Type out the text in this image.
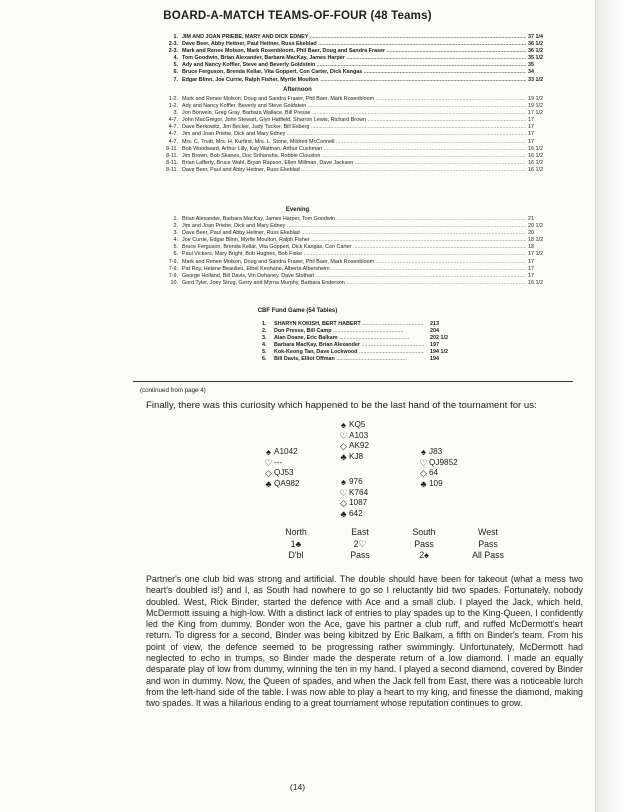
BOARD-A-MATCH TEAMS-OF-FOUR (48 Teams)
1. JIM AND JOAN PRIEBE, MARY AND DICK EDNEY .....	37 1/4
2-3. Dave Beer, Abby Heitner, Paul Heitner, Russ Ekeblad .....	36 1/2
2-3. Mark and Renee Molson, Mark Rosenbloom, Phil Baer, Doug and Sandra Fraser .....	36 1/2
4. Tom Goodwin, Brian Alexander, Barbara MacKay, James Harper .....	35 1/2
5. Ady and Nancy Koffler, Steve and Beverly Goldstein .....	35
6. Bruce Ferguson, Brenda Kellar, Vita Goppert, Con Carter, Dick Kangas .....	34
7. Edgar Blinn, Joe Currie, Ralph Fisher, Myrtle Moulton .....	33 1/2
Afternoon
1-2. Mark and Renee Molson, Doug and Sandra Fraser, Phil Baer, Mark Rosenbloom .....	19 1/2
1-2. Ady and Nancy Koffler, Beverly and Steve Goldstein .....	19 1/2
3. Jon Borwein, Greg Gray, Barbara Wallace, Bill Presse .....	17 1/2
4-7. John MacGregor, John Stewart, Glyn Hatfield, Sharron Lewis, Richard Brown .....	17
4-7. Dave Berkowitz, Jim Becker, Judy Tucker, Bill Esberg .....	17
4-7. Jim and Joan Priebe, Dick and Mary Edney .....	17
4-7. Mrs. C. Truitt, Mrs. H. Kurfirst, Mrs. L. Stone, Mildred McConnell .....	17
8-11. Bob Woodward, Arthur Lilly, Kay Watman, Arthur Cushman .....	16 1/2
8-11. Jim Brown, Bob Skanes, Doc Srihansha, Robbie Clouston .....	16 1/2
8-11. Brian Lafferty, Bruce Wahl, Bryan Rapson, Ellen Millman, Dave Jackson .....	16 1/2
8-11. Dave Beer, Paul and Abby Heitner, Russ Ekeblad .....	16 1/2
Evening
1. Brian Alexander, Barbara MacKay, James Harper, Tom Goodwin .....	21
2. Jim and Joan Priebe, Dick and Mary Edney .....	20 1/2
3. Dave Beer, Paul and Abby Heitner, Russ Ekeblad .....	20
4. Joe Currie, Edgar Blinn, Myrtle Moulton, Ralph Fisher .....	18 1/2
5. Bruce Ferguson, Brenda Kellar, Vita Goppert, Dick Kangas, Con Carter .....	18
6. Paul Vickers, Mary Bright, Bob Hughes, Bob Fiske .....	17 1/2
7-9. Mark and Renee Molson, Doug and Sandra Fraser, Phil Baer, Mark Rosenbloom .....	17
7-9. Pat Roy, Helene Beaulieu, Ethel Keohane, Alberta Albersheim .....	17
7-9. George Holland, Bill Davis, Vin Dohaney, Dave Stothart .....	17
10. Gord Tyler, Joey Strug, Gerry and Myrna Murphy, Barbara Enderson .....	16 1/2
CBF Fund Game (54 Tables)
1.	SHARYN KOKISH, BERT HABERT .....	213
2.	Don Presse, Bill Camp .....	204
3.	Alan Doane, Eric Balkam .....	202 1/2
4.	Barbara MacKay, Brian Alexander .....	197
5.	Kok-Keong Tan, Dave Lockwood .....	194 1/2
6.	Bill Davis, Elliot Offman .....	194
(continued from page 4)
Finally, there was this curiosity which happened to be the last hand of the tournament for us:
♠ KQ5
♡ A103
◇ AK92
♣ KJ8
♠ A1042
♡ ---
◇ QJ53
♣ QA982
♠ J83
♡ QJ9852
◇ 64
♣ 109
♠ 976
♡ K764
◇ 1087
♣ 642
North	East	South	West
1♣	2♡	Pass	Pass
D'bl	Pass	2♠	All Pass
Partner's one club bid was strong and artificial. The double should have been for takeout (what a mess two heart's doubled is!) and I, as South had nowhere to go so I reluctantly bid two spades. Fortunately, nobody doubled. West, Rick Binder, started the defence with Ace and a small club. I played the Jack, which held, McDermott issuing a high-low. With a distinct lack of entries to play spades up to the King-Queen, I confidently led the King from dummy. Bonder won the Ace, gave his partner a club ruff, and ruffed McDermott's heart return. To digress for a second, Binder was being kibitzed by Eric Balkam, a fifth on Binder's team. From his point of view, the defence seemed to be progressing rather swimmingly. Unfortunately, McDermott had neglected to echo in trumps, so Binder made the desperate return of a low diamond. I made an equally desparate play of low from dummy, winning the ten in my hand. I played a second diamond, covered by Binder and won in dummy. Now, the Queen of spades, and when the Jack fell from East, there was a noticeable lurch from the left-hand side of the table. I was now able to play a heart to my king, and finesse the diamond, making two spades. It was a hilarious ending to a great tournament whose reputation continues to grow.
(14)
